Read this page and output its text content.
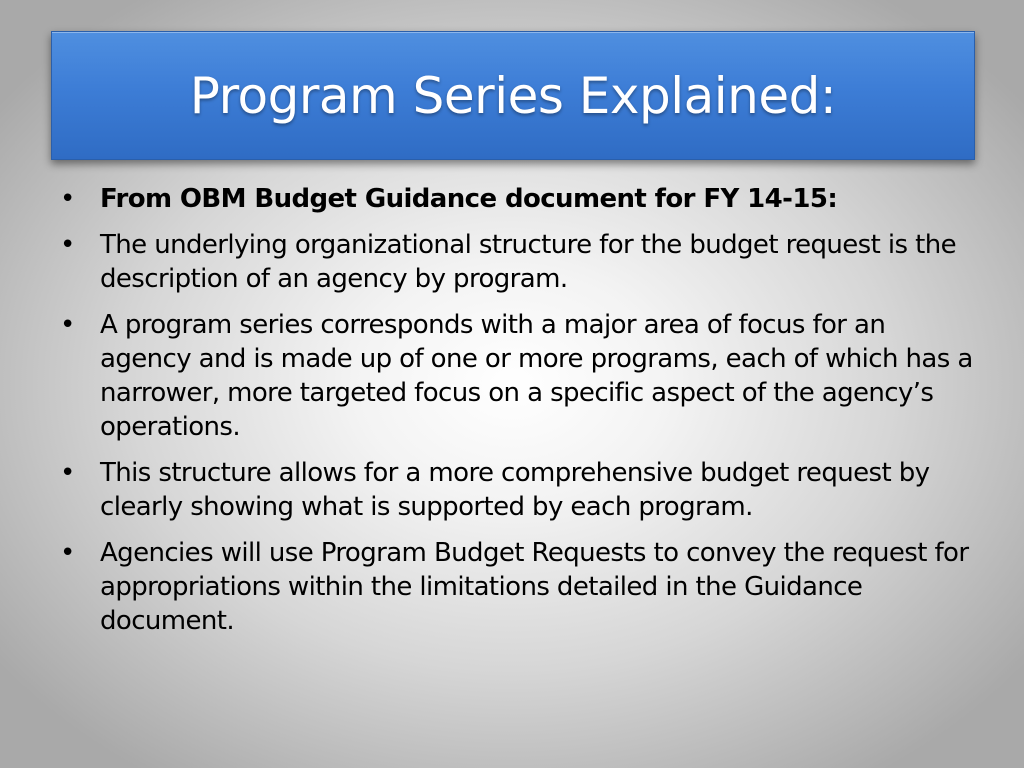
Program Series Explained:
• From OBM Budget Guidance document for FY 14-15:
• The underlying organizational structure for the budget request is the description of an agency by program.
• A program series corresponds with a major area of focus for an agency and is made up of one or more programs, each of which has a narrower, more targeted focus on a specific aspect of the agency’s operations.
• This structure allows for a more comprehensive budget request by clearly showing what is supported by each program.
• Agencies will use Program Budget Requests to convey the request for appropriations within the limitations detailed in the Guidance document.
